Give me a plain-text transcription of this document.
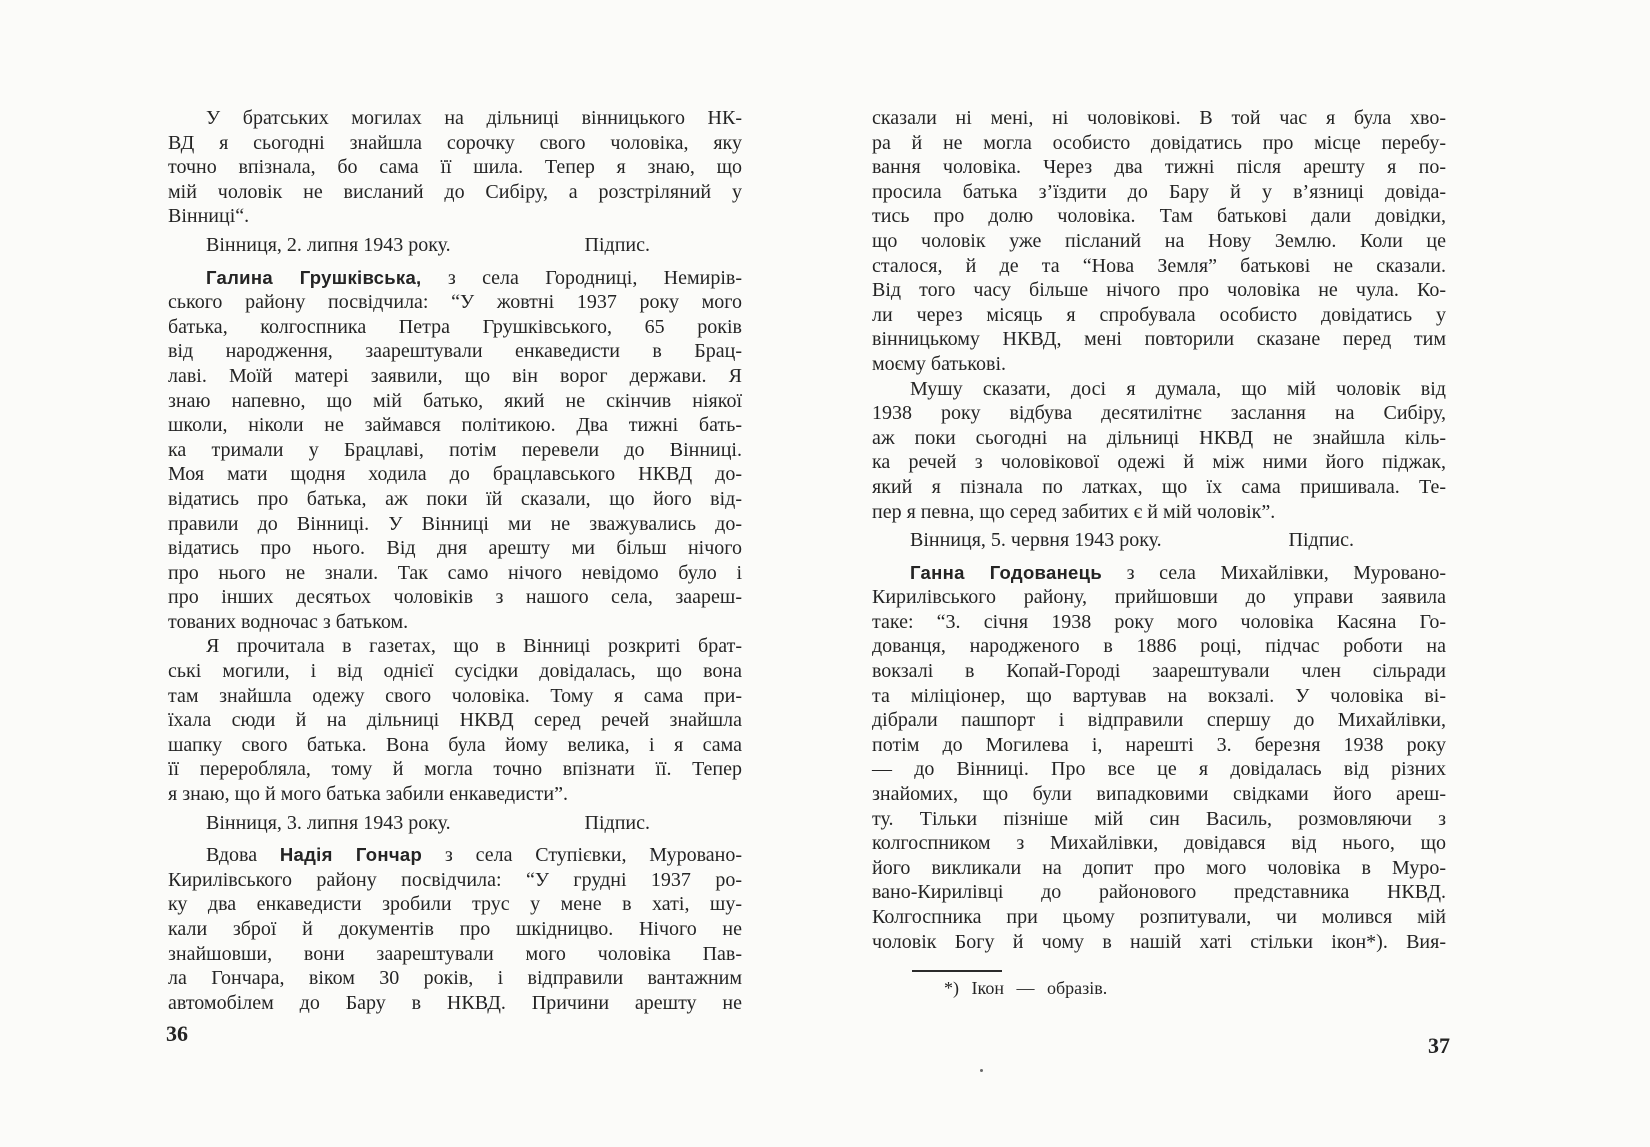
У братських могилах на дільниці вінницького НК-
ВД я сьогодні знайшла сорочку свого чоловіка, яку
точно впізнала, бо сама її шила. Тепер я знаю, що
мій чоловік не висланий до Сибіру, а розстріляний у
Вінниці“.
Вінниця, 2. липня 1943 року.	Підпис.
Галина Грушківська, з села Городниці, Немирів-
ського району посвідчила: “У жовтні 1937 року мого
батька, колгоспника Петра Грушківського, 65 років
від народження, заарештували енкаведисти в Брац-
лаві. Моїй матері заявили, що він ворог держави. Я
знаю напевно, що мій батько, який не скінчив ніякої
школи, ніколи не займався політикою. Два тижні бать-
ка тримали у Брацлаві, потім перевели до Вінниці.
Моя мати щодня ходила до брацлавського НКВД до-
відатись про батька, аж поки їй сказали, що його від-
правили до Вінниці. У Вінниці ми не зважувались до-
відатись про нього. Від дня арешту ми більш нічого
про нього не знали. Так само нічого невідомо було і
про інших десятьох чоловіків з нашого села, заареш-
тованих водночас з батьком.
Я прочитала в газетах, що в Вінниці розкриті брат-
ські могили, і від однієї сусідки довідалась, що вона
там знайшла одежу свого чоловіка. Тому я сама при-
їхала сюди й на дільниці НКВД серед речей знайшла
шапку свого батька. Вона була йому велика, і я сама
її переробляла, тому й могла точно впізнати її. Тепер
я знаю, що й мого батька забили енкаведисти”.
Вінниця, 3. липня 1943 року.	Підпис.
Вдова Надія Гончар з села Ступієвки, Муровано-
Кирилівського району посвідчила: “У грудні 1937 ро-
ку два енкаведисти зробили трус у мене в хаті, шу-
кали зброї й документів про шкідницво. Нічого не
знайшовши, вони заарештували мого чоловіка Пав-
ла Гончара, віком 30 років, і відправили вантажним
автомобілем до Бару в НКВД. Причини арешту не
сказали ні мені, ні чоловікові. В той час я була хво-
ра й не могла особисто довідатись про місце перебу-
вання чоловіка. Через два тижні після арешту я по-
просила батька з’їздити до Бару й у в’язниці довіда-
тись про долю чоловіка. Там батькові дали довідки,
що чоловік уже післаний на Нову Землю. Коли це
сталося, й де та “Нова Земля” батькові не сказали.
Від того часу більше нічого про чоловіка не чула. Ко-
ли через місяць я спробувала особисто довідатись у
вінницькому НКВД, мені повторили сказане перед тим
моєму батькові.
Мушу сказати, досі я думала, що мій чоловік від
1938 року відбува десятилітнє заслання на Сибіру,
аж поки сьогодні на дільниці НКВД не знайшла кіль-
ка речей з чоловікової одежі й між ними його піджак,
який я пізнала по латках, що їх сама пришивала. Те-
пер я певна, що серед забитих є й мій чоловік”.
Вінниця, 5. червня 1943 року.	Підпис.
Ганна Годованець з села Михайлівки, Муровано-
Кирилівського району, прийшовши до управи заявила
таке: “3. січня 1938 року мого чоловіка Касяна Го-
дованця, народженого в 1886 році, підчас роботи на
вокзалі в Копай-Городі заарештували член сільради
та міліціонер, що вартував на вокзалі. У чоловіка ві-
дібрали пашпорт і відправили спершу до Михайлівки,
потім до Могилева і, нарешті 3. березня 1938 року
— до Вінниці. Про все це я довідалась від різних
знайомих, що були випадковими свідками його ареш-
ту. Тільки пізніше мій син Василь, розмовляючи з
колгоспником з Михайлівки, довідався від нього, що
його викликали на допит про мого чоловіка в Муро-
вано-Кирилівці до районового представника НКВД.
Колгоспника при цьому розпитували, чи молився мій
чоловік Богу й чому в нашій хаті стільки ікон*). Вия-
*) Ікон — образів.
36	37
